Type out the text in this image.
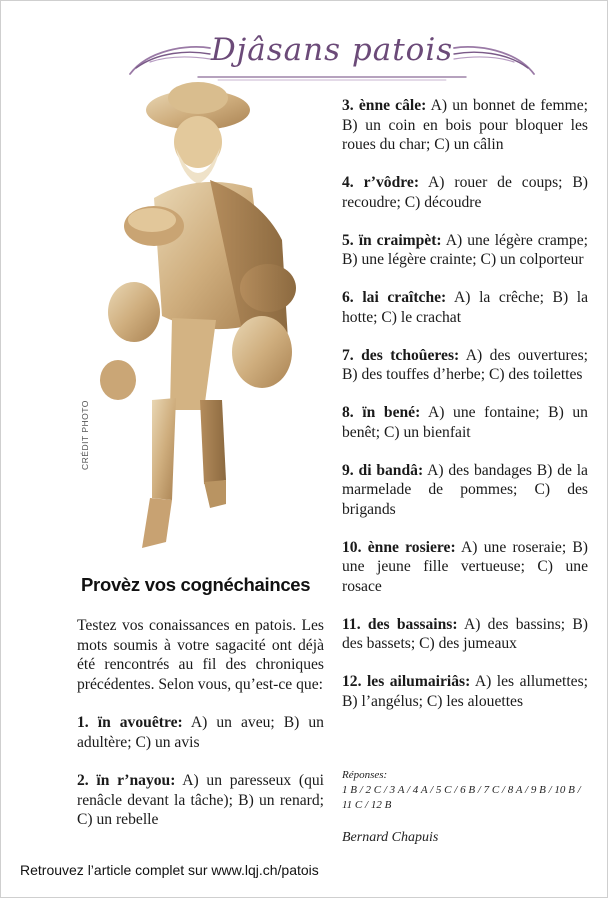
Djâsans patois
CRÉDIT PHOTO
Provèz vos cognéchainces

Testez vos conaissances en patois. Les mots soumis à votre sagacité ont déjà été rencontrés au fil des chroniques précédentes. Selon vous, qu’est-ce que:

1. ïn avouêtre: A) un aveu; B) un adultère; C) un avis

2. ïn r’nayou: A) un paresseux (qui renâcle devant la tâche); B) un renard; C) un rebelle

3. ènne câle: A) un bonnet de femme; B) un coin en bois pour bloquer les roues du char; C) un câlin

4. r’vôdre: A) rouer de coups; B) recoudre; C) découdre

5. ïn craimpèt: A) une légère crampe; B) une légère crainte; C) un colporteur

6. lai craîtche: A) la crêche; B) la hotte; C) le crachat

7. des tchoûeres: A) des ouvertures; B) des touffes d’herbe; C) des toilettes

8. ïn bené: A) une fontaine; B) un benêt; C) un bienfait

9. di bandâ: A) des bandages B) de la marmelade de pommes; C) des brigands

10. ènne rosiere: A) une roseraie; B) une jeune fille vertueuse; C) une rosace

11. des bassains: A) des bassins; B) des bassets; C) des jumeaux

12. les ailumairiâs: A) les allumettes; B) l’angélus; C) les alouettes

Réponses:
1 B / 2 C / 3 A / 4 A / 5 C / 6 B / 7 C / 8 A / 9 B / 10 B / 11 C / 12 B
Bernard Chapuis
Retrouvez l’article complet sur www.lqj.ch/patois
